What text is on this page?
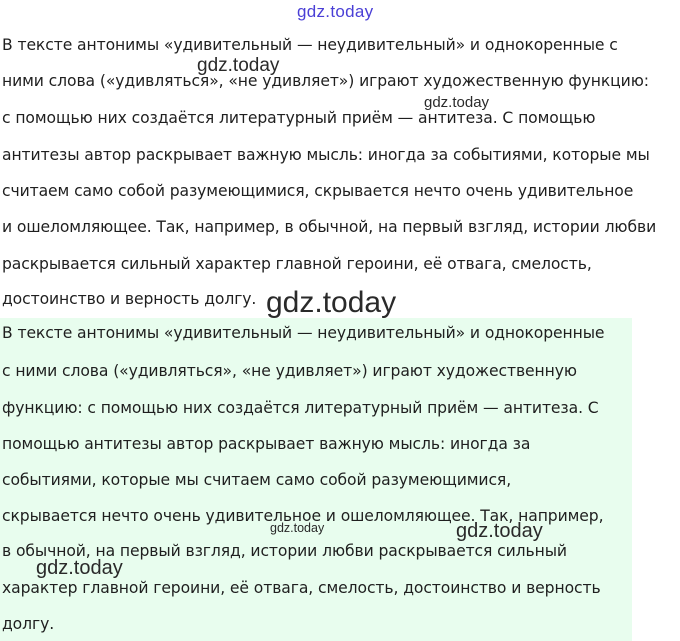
gdz.today
В тексте антонимы «удивительный — неудивительный» и однокоренные с
ними слова («удивляться», «не удивляет») играют художественную функцию:
с помощью них создаётся литературный приём — антитеза. С помощью
антитезы автор раскрывает важную мысль: иногда за событиями, которые мы
считаем само собой разумеющимися, скрывается нечто очень удивительное
и ошеломляющее. Так, например, в обычной, на первый взгляд, истории любви
раскрывается сильный характер главной героини, её отвага, смелость,
достоинство и верность долгу.
В тексте антонимы «удивительный — неудивительный» и однокоренные
с ними слова («удивляться», «не удивляет») играют художественную
функцию: с помощью них создаётся литературный приём — антитеза. С
помощью антитезы автор раскрывает важную мысль: иногда за
событиями, которые мы считаем само собой разумеющимися,
скрывается нечто очень удивительное и ошеломляющее. Так, например,
в обычной, на первый взгляд, истории любви раскрывается сильный
характер главной героини, её отвага, смелость, достоинство и верность
долгу.
gdz.today
gdz.today
gdz.today
gdz.today
gdz.today
gdz.today
